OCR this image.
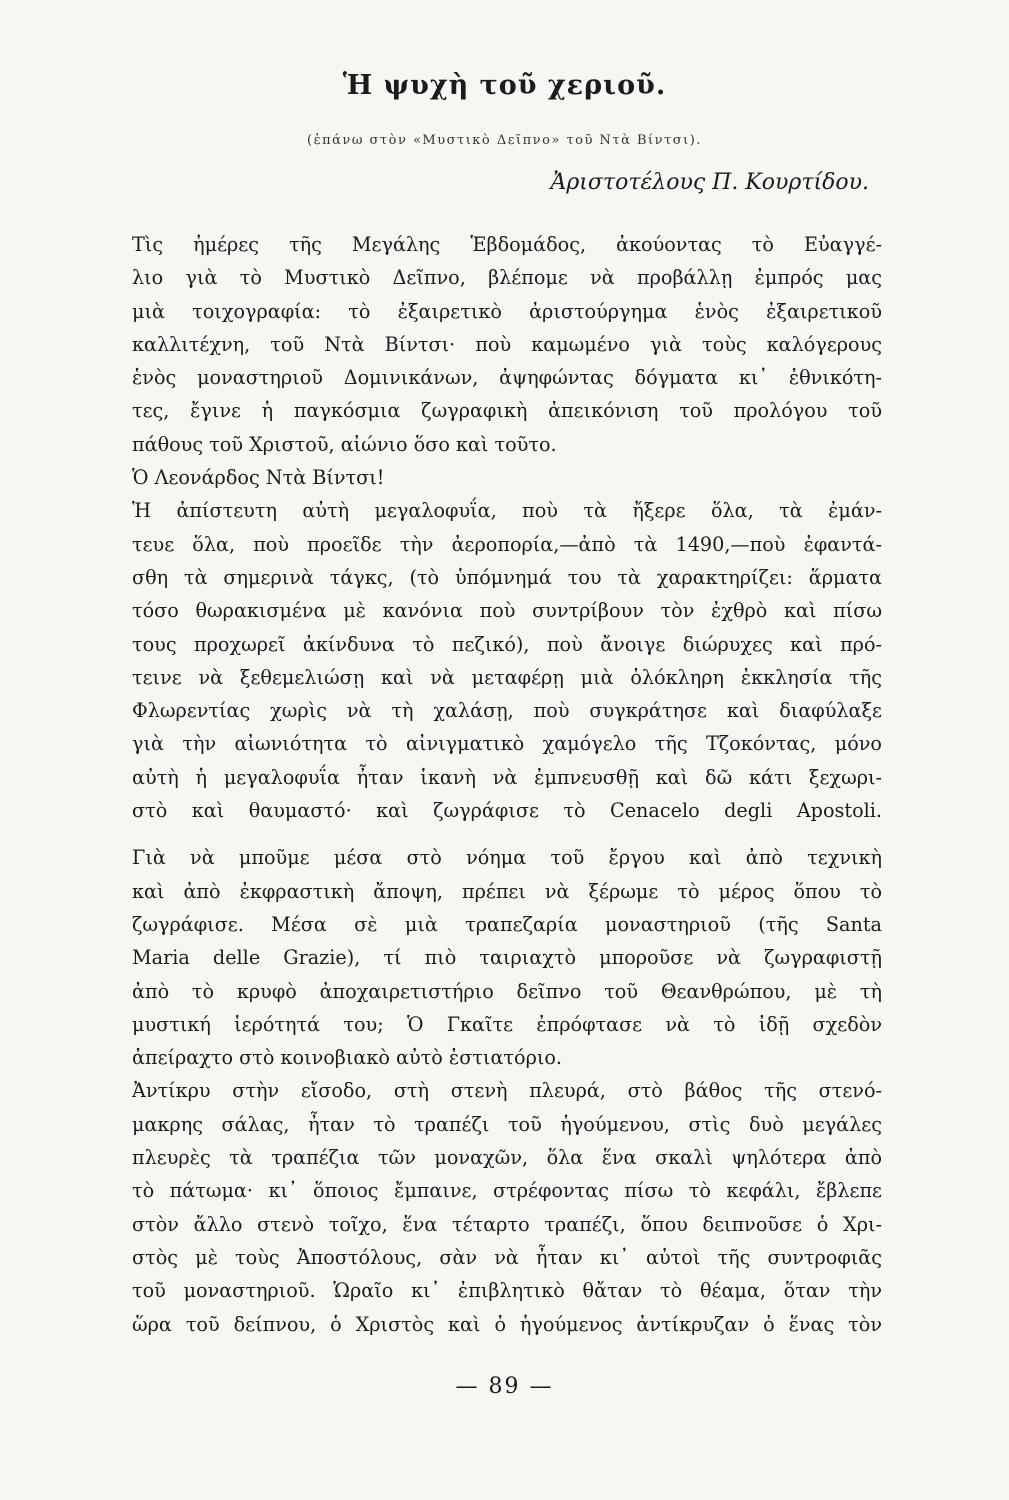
Ἡ ψυχὴ τοῦ χεριοῦ.
(ἐπάνω στὸν «Μυστικὸ Δεῖπνο» τοῦ Ντὰ Βίντσι).
Ἀριστοτέλους Π. Κουρτίδου.
Τὶς ἡμέρες τῆς Μεγάλης Ἑβδομάδος, ἀκούοντας τὸ Εὐαγγέ-
λιο γιὰ τὸ Μυστικὸ Δεῖπνο, βλέπομε νὰ προβάλλῃ ἐμπρός μας
μιὰ τοιχογραφία: τὸ ἐξαιρετικὸ ἀριστούργημα ἑνὸς ἐξαιρετικοῦ
καλλιτέχνη, τοῦ Ντὰ Βίντσι· ποὺ καμωμένο γιὰ τοὺς καλόγερους
ἑνὸς μοναστηριοῦ Δομινικάνων, ἀψηφώντας δόγματα κι᾽ ἐθνικότη-
τες, ἔγινε ἡ παγκόσμια ζωγραφικὴ ἀπεικόνιση τοῦ προλόγου τοῦ
πάθους τοῦ Χριστοῦ, αἰώνιο ὅσο καὶ τοῦτο.
Ὁ Λεονάρδος Ντὰ Βίντσι!
Ἡ ἀπίστευτη αὐτὴ μεγαλοφυΐα, ποὺ τὰ ἤξερε ὅλα, τὰ ἐμάν-
τευε ὅλα, ποὺ προεῖδε τὴν ἀεροπορία,—ἀπὸ τὰ 1490,—ποὺ ἐφαντά-
σθη τὰ σημερινὰ τάγκς, (τὸ ὑπόμνημά του τὰ χαρακτηρίζει: ἅρματα
τόσο θωρακισμένα μὲ κανόνια ποὺ συντρίβουν τὸν ἐχθρὸ καὶ πίσω
τους προχωρεῖ ἀκίνδυνα τὸ πεζικό), ποὺ ἄνοιγε διώρυχες καὶ πρό-
τεινε νὰ ξεθεμελιώσῃ καὶ νὰ μεταφέρῃ μιὰ ὁλόκληρη ἐκκλησία τῆς
Φλωρεντίας χωρὶς νὰ τὴ χαλάσῃ, ποὺ συγκράτησε καὶ διαφύλαξε
γιὰ τὴν αἰωνιότητα τὸ αἰνιγματικὸ χαμόγελο τῆς Τζοκόντας, μόνο
αὐτὴ ἡ μεγαλοφυΐα ἦταν ἱκανὴ νὰ ἐμπνευσθῇ καὶ δῶ κάτι ξεχωρι-
στὸ καὶ θαυμαστό· καὶ ζωγράφισε τὸ Cenacelo degli Apostoli.
Γιὰ νὰ μποῦμε μέσα στὸ νόημα τοῦ ἔργου καὶ ἀπὸ τεχνικὴ
καὶ ἀπὸ ἐκφραστικὴ ἄποψη, πρέπει νὰ ξέρωμε τὸ μέρος ὅπου τὸ
ζωγράφισε. Μέσα σὲ μιὰ τραπεζαρία μοναστηριοῦ (τῆς Santa
Maria delle Grazie), τί πιὸ ταιριαχτὸ μποροῦσε νὰ ζωγραφιστῇ
ἀπὸ τὸ κρυφὸ ἀποχαιρετιστήριο δεῖπνο τοῦ Θεανθρώπου, μὲ τὴ
μυστική ἱερότητά του; Ὁ Γκαῖτε ἐπρόφτασε νὰ τὸ ἰδῇ σχεδὸν
ἀπείραχτο στὸ κοινοβιακὸ αὐτὸ ἑστιατόριο.
Ἀντίκρυ στὴν εἴσοδο, στὴ στενὴ πλευρά, στὸ βάθος τῆς στενό-
μακρης σάλας, ἦταν τὸ τραπέζι τοῦ ἡγούμενου, στὶς δυὸ μεγάλες
πλευρὲς τὰ τραπέζια τῶν μοναχῶν, ὅλα ἕνα σκαλὶ ψηλότερα ἀπὸ
τὸ πάτωμα· κι᾽ ὅποιος ἔμπαινε, στρέφοντας πίσω τὸ κεφάλι, ἔβλεπε
στὸν ἄλλο στενὸ τοῖχο, ἕνα τέταρτο τραπέζι, ὅπου δειπνοῦσε ὁ Χρι-
στὸς μὲ τοὺς Ἀποστόλους, σὰν νὰ ἦταν κι᾽ αὐτοὶ τῆς συντροφιᾶς
τοῦ μοναστηριοῦ. Ὡραῖο κι᾽ ἐπιβλητικὸ θἄταν τὸ θέαμα, ὅταν τὴν
ὥρα τοῦ δείπνου, ὁ Χριστὸς καὶ ὁ ἡγούμενος ἀντίκρυζαν ὁ ἕνας τὸν
— 89 —
